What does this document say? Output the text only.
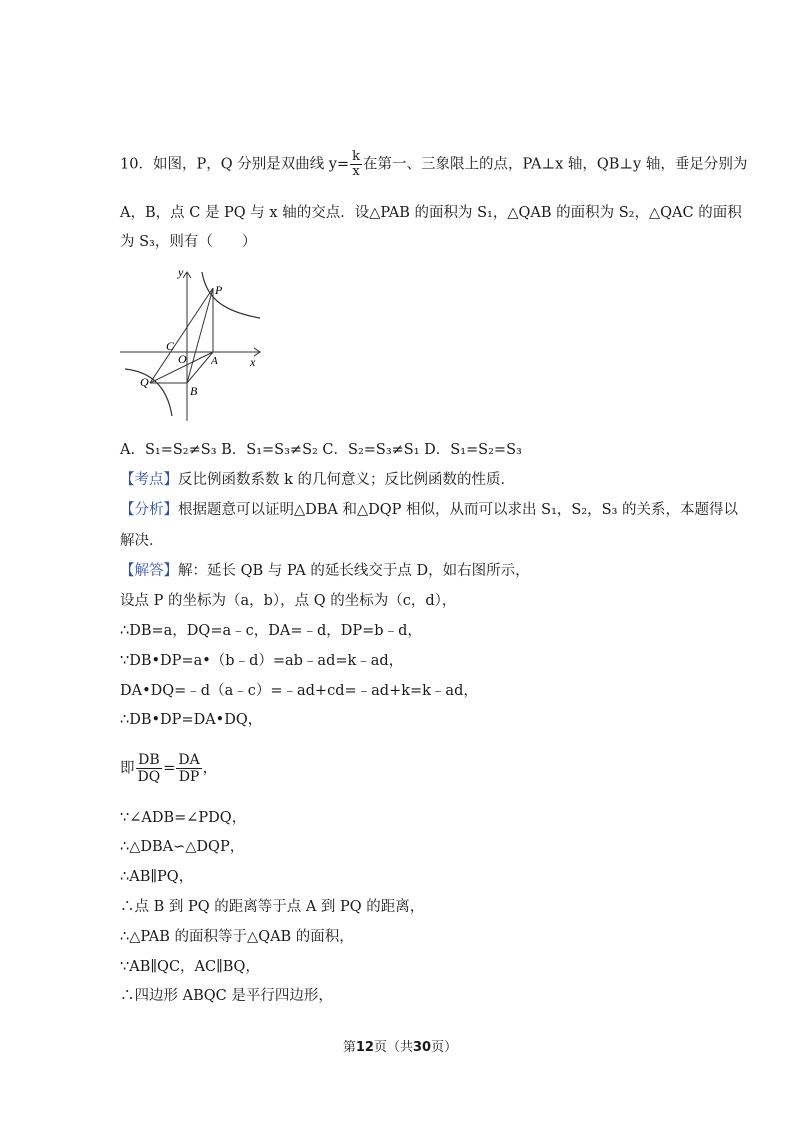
10．如图，P，Q 分别是双曲线 $y= \frac{k}{x}$ 在第一、三象限上的点，PA⊥x 轴，QB⊥y 轴，垂足分别为
A，B，点 C 是 PQ 与 x 轴的交点．设△PAB 的面积为 S₁，△QAB 的面积为 S₂，△QAC 的面积
为 S₃，则有（　　）
y
x
P
C
O A
Q
B
A．S₁=S₂≠S₃ B．S₁=S₃≠S₂ C．S₂=S₃≠S₁ D．S₁=S₂=S₃
【考点】反比例函数系数 k 的几何意义；反比例函数的性质．
【分析】根据题意可以证明△DBA 和△DQP 相似，从而可以求出 S₁，S₂，S₃ 的关系，本题得以
解决．
【解答】解：延长 QB 与 PA 的延长线交于点 D，如右图所示，
设点 P 的坐标为（a，b），点 Q 的坐标为（c，d），
∴DB=a，DQ=a﹣c，DA=﹣d，DP=b﹣d，
∵DB•DP=a•（b﹣d）=ab﹣ad=k﹣ad，
DA•DQ=﹣d（a﹣c）=﹣ad+cd=﹣ad+k=k﹣ad，
∴DB•DP=DA•DQ，
即 $\frac{DB}{DQ} = \frac{DA}{DP}$ ，
∵∠ADB=∠PDQ，
∴△DBA∽△DQP，
∴AB∥PQ，
∴点 B 到 PQ 的距离等于点 A 到 PQ 的距离，
∴△PAB 的面积等于△QAB 的面积，
∵AB∥QC，AC∥BQ，
∴四边形 ABQC 是平行四边形，
第12页（共30页）
